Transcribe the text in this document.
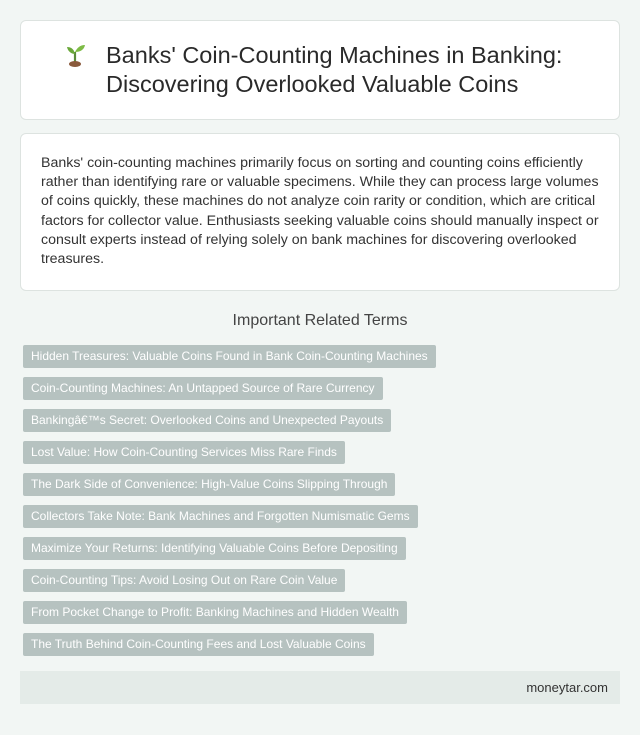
Banks' Coin-Counting Machines in Banking: Discovering Overlooked Valuable Coins

Banks' coin-counting machines primarily focus on sorting and counting coins efficiently rather than identifying rare or valuable specimens. While they can process large volumes of coins quickly, these machines do not analyze coin rarity or condition, which are critical factors for collector value. Enthusiasts seeking valuable coins should manually inspect or consult experts instead of relying solely on bank machines for discovering overlooked treasures.

Important Related Terms
Hidden Treasures: Valuable Coins Found in Bank Coin-Counting Machines
Coin-Counting Machines: An Untapped Source of Rare Currency
Bankingâ€™s Secret: Overlooked Coins and Unexpected Payouts
Lost Value: How Coin-Counting Services Miss Rare Finds
The Dark Side of Convenience: High-Value Coins Slipping Through
Collectors Take Note: Bank Machines and Forgotten Numismatic Gems
Maximize Your Returns: Identifying Valuable Coins Before Depositing
Coin-Counting Tips: Avoid Losing Out on Rare Coin Value
From Pocket Change to Profit: Banking Machines and Hidden Wealth
The Truth Behind Coin-Counting Fees and Lost Valuable Coins
moneytar.com
